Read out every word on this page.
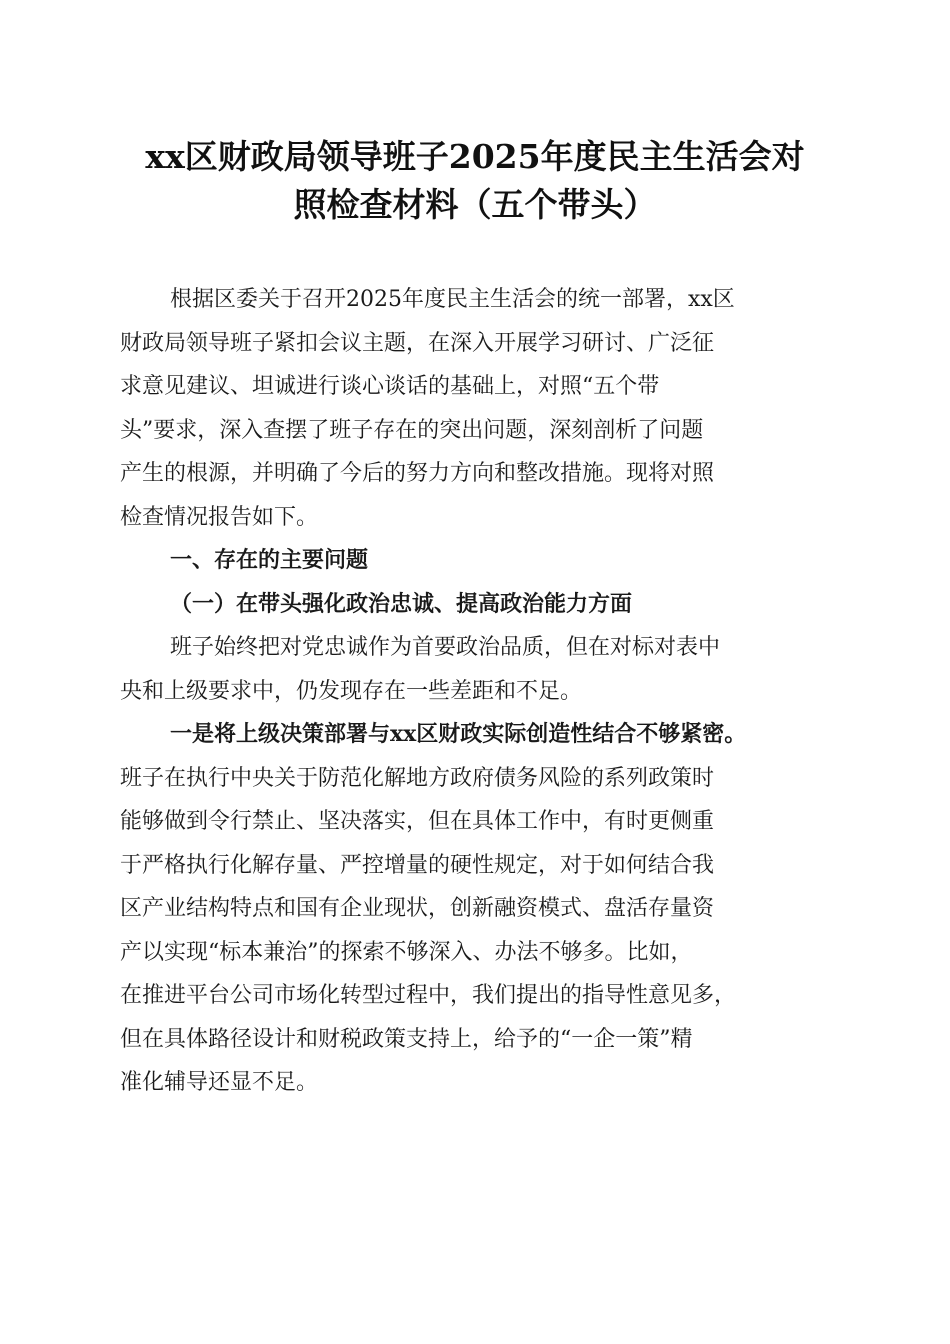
xx区财政局领导班子2025年度民主生活会对
照检查材料（五个带头）
根据区委关于召开2025年度民主生活会的统一部署，xx区
财政局领导班子紧扣会议主题，在深入开展学习研讨、广泛征
求意见建议、坦诚进行谈心谈话的基础上，对照“五个带
头”要求，深入查摆了班子存在的突出问题，深刻剖析了问题
产生的根源，并明确了今后的努力方向和整改措施。现将对照
检查情况报告如下。
一、存在的主要问题
（一）在带头强化政治忠诚、提高政治能力方面
班子始终把对党忠诚作为首要政治品质，但在对标对表中
央和上级要求中，仍发现存在一些差距和不足。
一是将上级决策部署与xx区财政实际创造性结合不够紧密。
班子在执行中央关于防范化解地方政府债务风险的系列政策时
能够做到令行禁止、坚决落实，但在具体工作中，有时更侧重
于严格执行化解存量、严控增量的硬性规定，对于如何结合我
区产业结构特点和国有企业现状，创新融资模式、盘活存量资
产以实现“标本兼治”的探索不够深入、办法不够多。比如，
在推进平台公司市场化转型过程中，我们提出的指导性意见多，
但在具体路径设计和财税政策支持上，给予的“一企一策”精
准化辅导还显不足。
